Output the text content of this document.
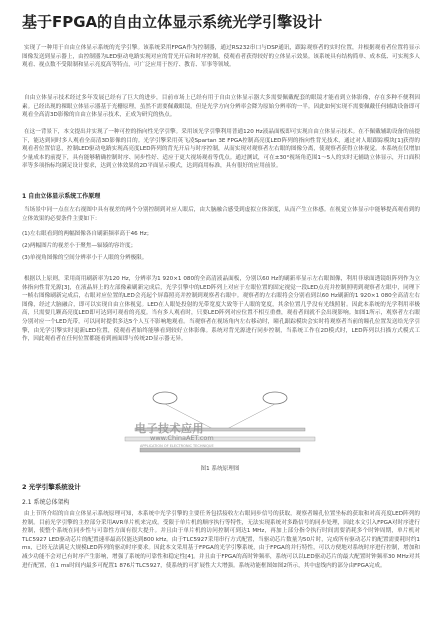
基于FPGA的自由立体显示系统光学引擎设计
实现了一种用于自由立体显示系统的光学引擎。该系统采用FPGA作为控制器，通过RS232串口与DSP通讯，跟踪观察者的实时位置，并根据观看者位置将显示图像发送到显示器上，由控制器为LED驱动电路实现对应的背光开启和时序控制，使观看者获得较好的立体显示效果。该系统具有结构简单、成本低、可实现多人观看、视点数不受限制和显示亮度高等特点，可广泛应用于医疗、教育、军事等领域。
自由立体显示技术经过多年发展已经有了巨大的进步，目前市场上已经有用于自由立体显示器大多需要佩戴配套的眼镜才能看到立体影像，存在多种不便利因素。已经出现的裸眼立体显示器基于光栅原理，虽然不需要佩戴眼镜，但是光学方向分辨率会降为原始分辨率的一半。因此如何实现不需要佩戴任何辅助设备即可观看全高清3D影像的自由立体显示技术，正成为研究的热点。
在这一背景下，本文提出并实现了一种可控的指向性光学引擎。采用该光学引擎利用普通120 Hz液晶面板即可实现自由立体显示技术。在不佩戴辅助设备的前提下，能达到同时多人观看全高清3D影像的目的。光学引擎采用英飞凌Spartan 3E FPGA控制高亮度LED阵列的指向性背光技术，通过对人眼跟踪模块[1]获得的观看者位置信息，控制LED驱动电路实现高亮度LED阵列的背光开启与时序控制，从而实现对观察者左右眼的图像分离，使观察者获得立体视觉。本系统在仅增加少量成本的前提下，具有能够精确控制时序、同步性好、适应于更大视场观看等优点。通过测试，可在±30°视场角范围1～5人的实时无辅助立体显示，开口面积率等多项指标均满足设计要求，达到立体效果的2D平面显示模式，达到商用标准，具有很好的应用前景。
1 自由立体显示系统工作原理
当场景中同一点在左右视图中具有视差的两个分别控制到对应人眼后，由大脑融合感受到虚拟立体深度，从而产生立体感。在视觉立体显示中能够提高观看到的立体效果的必要条件主要如下：
(1)左右眼看到的两幅图像各自刷新频率高于46 Hz；
(2)两幅图片的视差小于聚焦—辐辏的容许度；
(3)单视角图像的空间分辨率小于人眼的分辨极限。
根据以上原则，采用商用刷新率为120 Hz，分辨率为1 920×1 080的全高清液晶面板，分别以60 Hz的刷新率显示左右眼图像，利用非球面透镜组阵列作为立体指向性背光源[3]，在液晶屏上的左部像素刷新完成后，光学引擎中的LED阵列上对应于左眼位置的固定视觉一段LED点亮并控制照明到观察者左眼中，同理下一帧右图像刷新完成后，右眼对应位置的LED会亮起个屏幕照亮并控制到观察者右眼中。观察者的左右眼将会分别看到以60 Hz刷新的1 920×1 080全高清左右图像，经过大脑融合，即可以实现自由立体视觉。LED在人眼处投射的光带宽度大致等于人眼的宽度，其余位置几乎没有光线照射。因此本系统的光学利用率极高，只需要几颗高亮度LED即可达到可观看的亮度。当有多人观看时，只要LED阵列对应位置不相互重叠，观看者间就不会出现影响。如图1所示，观察者左右眼分别对应一个LED光带，可以同时提供多达5个人互不影响地观看。当观察者在视场角内左右移动时，瞳孔跟踪模块会实时将观察者当前的瞳孔位置发送给光学引擎，由光学引擎实时更新LED位置，使观看者始终能够看到较好立体影像。系统对背光源进行同步控制，当系统工作在2D模式时，LED阵列以扫描方式模式工作，因此观看者在任何位置都能看到画面即与传统2D显示器无异。
电子技术应用
www.ChinaAET.com
APPLICATION OF ELECTRONIC TECHNIQUE
图1 系统原理图
2 光学引擎系统设计
2.1 系统总体架构
由上节所介绍的自由立体显示系统原理可知，本系统中光学引擎的主要任务包括接收左右眼同步信号的获取，观察者瞳孔位置坐标的获取和对高亮度LED阵列的控制。目前光学引擎的主控部分采用AVR单片机来完成。受限于单片机的顺序执行等特性，无法实现系统对多路信号的同步处理，因此本文引入FPGA对时序进行控制，使整个系统在同步性与可靠性方面有很大提升。并且由于单片机的访问控制可到达1 MHz，再加上部分指令执行时间需要消耗多个时钟周期，单片机对TLC5927 LED驱动芯片的配置速率最高仅能达到800 kHz。由于TLC5927采用串行方式配置，当驱动芯片数量为50片时，完成所有驱动芯片的配置需要耗时约1 ms，已经无法满足大规模LED阵列的驱动时序要求。因此本文采用基于FPGA的光学引擎系统，由于FPGA的并行特性，可以方便地对系统时序进行控制，增加和减少功能不会对已有时序产生影响，增强了系统的可靠性和稳定性[4]。并且由于FPGA的高时钟频率，系统可以以LED驱动芯片的最大配置时钟频率30 MHz对其进行配置，在1 ms时间内最多可配置1 876片TLC5927，使系统的可扩展性大大增强。系统功能框图如图2所示，其中虚线内的部分由FPGA完成。
